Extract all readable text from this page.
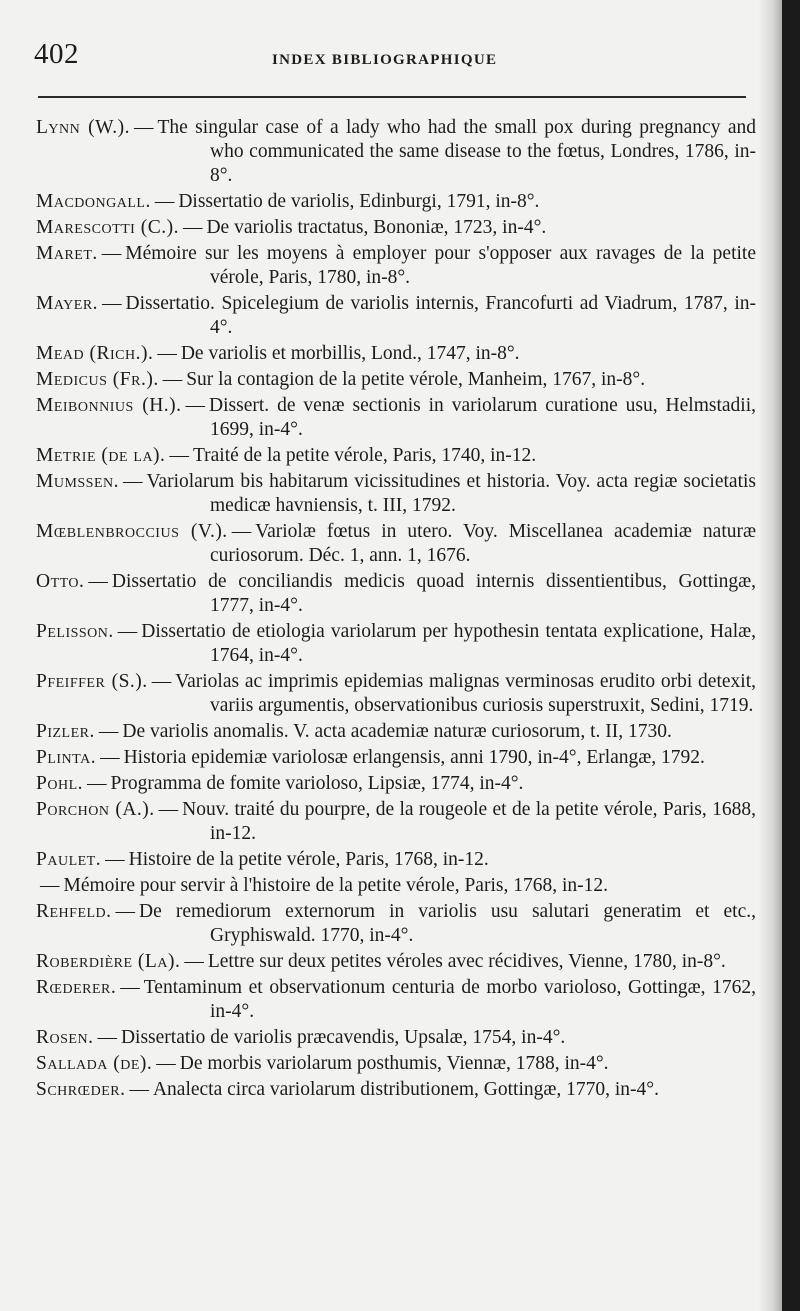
402	INDEX BIBLIOGRAPHIQUE

Lynn (W.). — The singular case of a lady who had the small pox during pregnancy and who communicated the same disease to the fœtus, Londres, 1786, in-8°.

Macdongall. — Dissertatio de variolis, Edinburgi, 1791, in-8°.

Marescotti (C.). — De variolis tractatus, Bononiæ, 1723, in-4°.

Maret. — Mémoire sur les moyens à employer pour s'opposer aux ravages de la petite vérole, Paris, 1780, in-8°.

Mayer. — Dissertatio. Spicelegium de variolis internis, Francofurti ad Viadrum, 1787, in-4°.

Mead (Rich.). — De variolis et morbillis, Lond., 1747, in-8°.

Medicus (Fr.). — Sur la contagion de la petite vérole, Manheim, 1767, in-8°.

Meibonnius (H.). — Dissert. de venæ sectionis in variolarum curatione usu, Helmstadii, 1699, in-4°.

Metrie (de la). — Traité de la petite vérole, Paris, 1740, in-12.

Mumssen. — Variolarum bis habitarum vicissitudines et historia. Voy. acta regiæ societatis medicæ havniensis, t. III, 1792.

Mœblenbroccius (V.). — Variolæ fœtus in utero. Voy. Miscellanea academiæ naturæ curiosorum. Déc. 1, ann. 1, 1676.

Otto. — Dissertatio de conciliandis medicis quoad internis dissentientibus, Gottingæ, 1777, in-4°.

Pelisson. — Dissertatio de etiologia variolarum per hypothesin tentata explicatione, Halæ, 1764, in-4°.

Pfeiffer (S.). — Variolas ac imprimis epidemias malignas verminosas erudito orbi detexit, variis argumentis, observationibus curiosis superstruxit, Sedini, 1719.

Pizler. — De variolis anomalis. V. acta academiæ naturæ curiosorum, t. II, 1730.

Plinta. — Historia epidemiæ variolosæ erlangensis, anni 1790, in-4°, Erlangæ, 1792.

Pohl. — Programma de fomite varioloso, Lipsiæ, 1774, in-4°.

Porchon (A.). — Nouv. traité du pourpre, de la rougeole et de la petite vérole, Paris, 1688, in-12.

Paulet. — Histoire de la petite vérole, Paris, 1768, in-12.

— Mémoire pour servir à l'histoire de la petite vérole, Paris, 1768, in-12.

Rehfeld. — De remediorum externorum in variolis usu salutari generatim et etc., Gryphiswald. 1770, in-4°.

Roberdière (La). — Lettre sur deux petites véroles avec récidives, Vienne, 1780, in-8°.

Rœderer. — Tentaminum et observationum centuria de morbo varioloso, Gottingæ, 1762, in-4°.

Rosen. — Dissertatio de variolis præcavendis, Upsalæ, 1754, in-4°.

Sallada (de). — De morbis variolarum posthumis, Viennæ, 1788, in-4°.

Schrœder. — Analecta circa variolarum distributionem, Gottingæ, 1770, in-4°.
